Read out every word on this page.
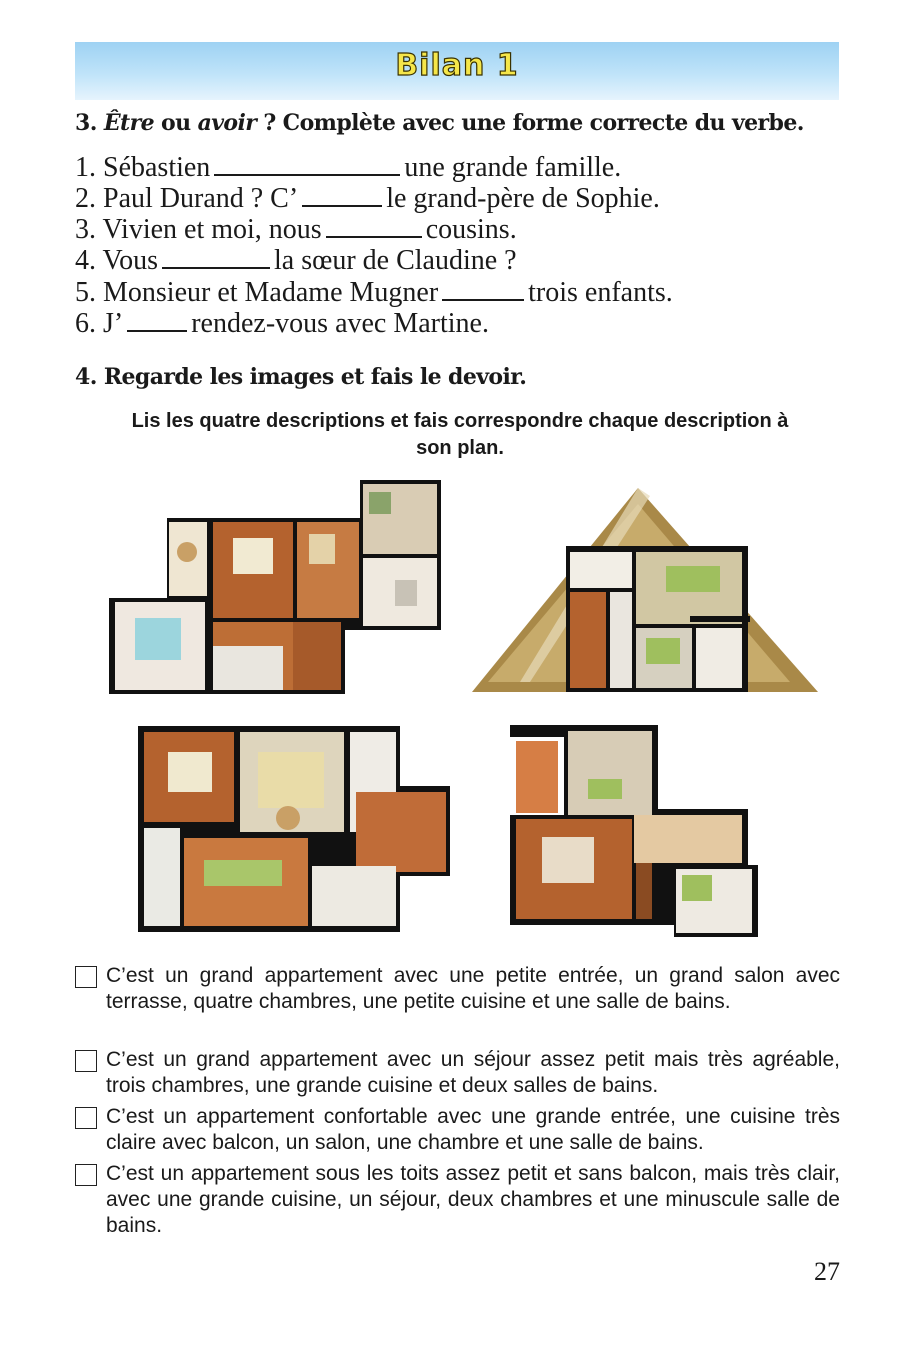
Bilan 1
3. Être ou avoir ? Complète avec une forme correcte du verbe.
1. Sébastien	une grande famille.
2. Paul Durand ? C’	le grand-père de Sophie.
3. Vivien et moi, nous	cousins.
4. Vous	la sœur de Claudine ?
5. Monsieur et Madame Mugner	trois enfants.
6. J’ rendez-vous avec Martine.
4. Regarde les images et fais le devoir.
Lis les quatre descriptions et fais correspondre chaque description à son plan.
C’est un grand appartement avec une petite entrée, un grand salon avec terrasse, quatre chambres, une petite cuisine et une salle de bains.
C’est un grand appartement avec un séjour assez petit mais très agréable, trois chambres, une grande cuisine et deux salles de bains.
C’est un appartement confortable avec une grande entrée, une cuisine très claire avec balcon, un salon, une chambre et une salle de bains.
C’est un appartement sous les toits assez petit et sans balcon, mais très clair, avec une grande cuisine, un séjour, deux chambres et une minuscule salle de bains.
27
